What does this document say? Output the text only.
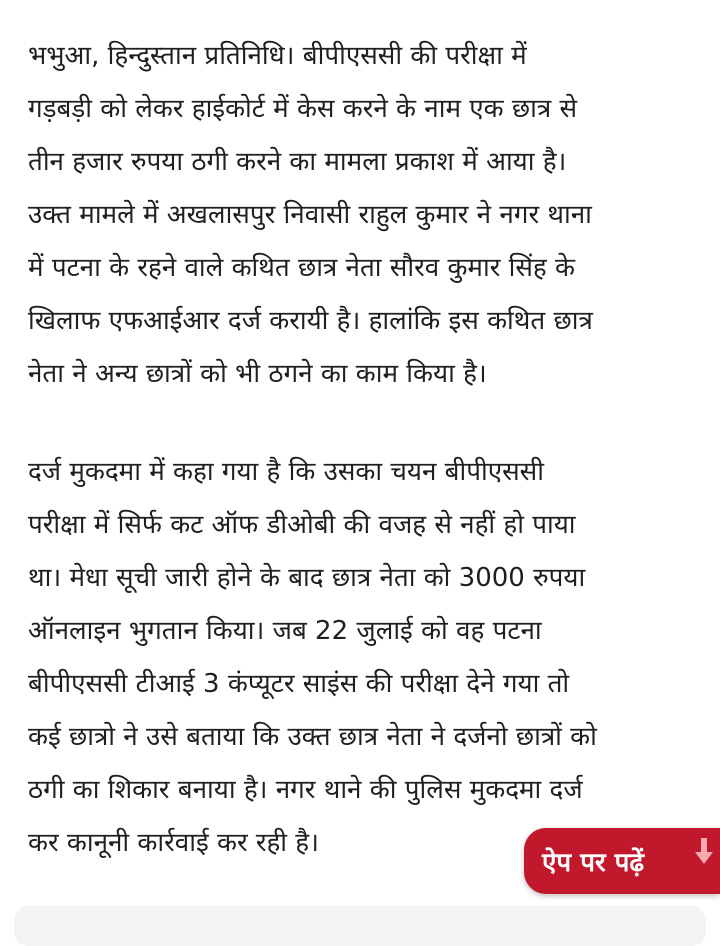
भभुआ, हिन्दुस्तान प्रतिनिधि। बीपीएससी की परीक्षा में
गड़बड़ी को लेकर हाईकोर्ट में केस करने के नाम एक छात्र से
तीन हजार रुपया ठगी करने का मामला प्रकाश में आया है।
उक्त मामले में अखलासपुर निवासी राहुल कुमार ने नगर थाना
में पटना के रहने वाले कथित छात्र नेता सौरव कुमार सिंह के
खिलाफ एफआईआर दर्ज करायी है। हालांकि इस कथित छात्र
नेता ने अन्य छात्रों को भी ठगने का काम किया है।

दर्ज मुकदमा में कहा गया है कि उसका चयन बीपीएससी
परीक्षा में सिर्फ कट ऑफ डीओबी की वजह से नहीं हो पाया
था। मेधा सूची जारी होने के बाद छात्र नेता को 3000 रुपया
ऑनलाइन भुगतान किया। जब 22 जुलाई को वह पटना
बीपीएससी टीआई 3 कंप्यूटर साइंस की परीक्षा देने गया तो
कई छात्रो ने उसे बताया कि उक्त छात्र नेता ने दर्जनो छात्रों को
ठगी का शिकार बनाया है। नगर थाने की पुलिस मुकदमा दर्ज
कर कानूनी कार्रवाई कर रही है।

ऐप पर पढ़ें
